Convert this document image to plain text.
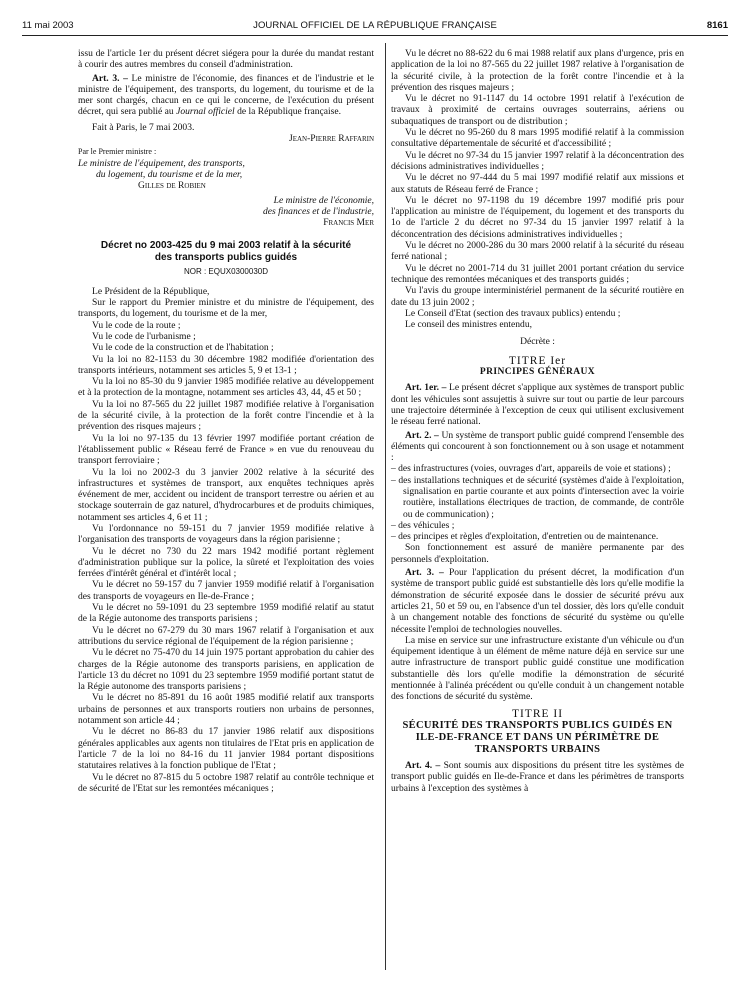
11 mai 2003	JOURNAL OFFICIEL DE LA RÉPUBLIQUE FRANÇAISE	8161

issu de l'article 1er du présent décret siégera pour la durée du mandat restant à courir des autres membres du conseil d'administration.

Art. 3. – Le ministre de l'économie, des finances et de l'industrie et le ministre de l'équipement, des transports, du logement, du tourisme et de la mer sont chargés, chacun en ce qui le concerne, de l'exécution du présent décret, qui sera publié au Journal officiel de la République française.

Fait à Paris, le 7 mai 2003.

Jean-Pierre Raffarin

Par le Premier ministre :

Le ministre de l'équipement, des transports,

du logement, du tourisme et de la mer,

Gilles de Robien

Le ministre de l'économie,

des finances et de l'industrie,

Francis Mer

Décret no 2003-425 du 9 mai 2003 relatif à la sécurité
des transports publics guidés

NOR : EQUX0300030D

Le Président de la République,

Sur le rapport du Premier ministre et du ministre de l'équipement, des transports, du logement, du tourisme et de la mer,

Vu le code de la route ;

Vu le code de l'urbanisme ;

Vu le code de la construction et de l'habitation ;

Vu la loi no 82-1153 du 30 décembre 1982 modifiée d'orientation des transports intérieurs, notamment ses articles 5, 9 et 13-1 ;

Vu la loi no 85-30 du 9 janvier 1985 modifiée relative au développement et à la protection de la montagne, notamment ses articles 43, 44, 45 et 50 ;

Vu la loi no 87-565 du 22 juillet 1987 modifiée relative à l'organisation de la sécurité civile, à la protection de la forêt contre l'incendie et à la prévention des risques majeurs ;

Vu la loi no 97-135 du 13 février 1997 modifiée portant création de l'établissement public « Réseau ferré de France » en vue du renouveau du transport ferroviaire ;

Vu la loi no 2002-3 du 3 janvier 2002 relative à la sécurité des infrastructures et systèmes de transport, aux enquêtes techniques après événement de mer, accident ou incident de transport terrestre ou aérien et au stockage souterrain de gaz naturel, d'hydrocarbures et de produits chimiques, notamment ses articles 4, 6 et 11 ;

Vu l'ordonnance no 59-151 du 7 janvier 1959 modifiée relative à l'organisation des transports de voyageurs dans la région parisienne ;

Vu le décret no 730 du 22 mars 1942 modifié portant règlement d'administration publique sur la police, la sûreté et l'exploitation des voies ferrées d'intérêt général et d'intérêt local ;

Vu le décret no 59-157 du 7 janvier 1959 modifié relatif à l'organisation des transports de voyageurs en Ile-de-France ;

Vu le décret no 59-1091 du 23 septembre 1959 modifié relatif au statut de la Régie autonome des transports parisiens ;

Vu le décret no 67-279 du 30 mars 1967 relatif à l'organisation et aux attributions du service régional de l'équipement de la région parisienne ;

Vu le décret no 75-470 du 14 juin 1975 portant approbation du cahier des charges de la Régie autonome des transports parisiens, en application de l'article 13 du décret no 1091 du 23 septembre 1959 modifié portant statut de la Régie autonome des transports parisiens ;

Vu le décret no 85-891 du 16 août 1985 modifié relatif aux transports urbains de personnes et aux transports routiers non urbains de personnes, notamment son article 44 ;

Vu le décret no 86-83 du 17 janvier 1986 relatif aux dispositions générales applicables aux agents non titulaires de l'Etat pris en application de l'article 7 de la loi no 84-16 du 11 janvier 1984 portant dispositions statutaires relatives à la fonction publique de l'Etat ;

Vu le décret no 87-815 du 5 octobre 1987 relatif au contrôle technique et de sécurité de l'Etat sur les remontées mécaniques ;

Vu le décret no 88-622 du 6 mai 1988 relatif aux plans d'urgence, pris en application de la loi no 87-565 du 22 juillet 1987 relative à l'organisation de la sécurité civile, à la protection de la forêt contre l'incendie et à la prévention des risques majeurs ;

Vu le décret no 91-1147 du 14 octobre 1991 relatif à l'exécution de travaux à proximité de certains ouvrages souterrains, aériens ou subaquatiques de transport ou de distribution ;

Vu le décret no 95-260 du 8 mars 1995 modifié relatif à la commission consultative départementale de sécurité et d'accessibilité ;

Vu le décret no 97-34 du 15 janvier 1997 relatif à la déconcentration des décisions administratives individuelles ;

Vu le décret no 97-444 du 5 mai 1997 modifié relatif aux missions et aux statuts de Réseau ferré de France ;

Vu le décret no 97-1198 du 19 décembre 1997 modifié pris pour l'application au ministre de l'équipement, du logement et des transports du 1o de l'article 2 du décret no 97-34 du 15 janvier 1997 relatif à la déconcentration des décisions administratives individuelles ;

Vu le décret no 2000-286 du 30 mars 2000 relatif à la sécurité du réseau ferré national ;

Vu le décret no 2001-714 du 31 juillet 2001 portant création du service technique des remontées mécaniques et des transports guidés ;

Vu l'avis du groupe interministériel permanent de la sécurité routière en date du 13 juin 2002 ;

Le Conseil d'Etat (section des travaux publics) entendu ;

Le conseil des ministres entendu,

Décrète :

TITRE Ier

PRINCIPES GÉNÉRAUX

Art. 1er. – Le présent décret s'applique aux systèmes de transport public dont les véhicules sont assujettis à suivre sur tout ou partie de leur parcours une trajectoire déterminée à l'exception de ceux qui utilisent exclusivement le réseau ferré national.

Art. 2. – Un système de transport public guidé comprend l'ensemble des éléments qui concourent à son fonctionnement ou à son usage et notamment :

– des infrastructures (voies, ouvrages d'art, appareils de voie et stations) ;
– des installations techniques et de sécurité (systèmes d'aide à l'exploitation, signalisation en partie courante et aux points d'intersection avec la voirie routière, installations électriques de traction, de commande, de contrôle ou de communication) ;
– des véhicules ;
– des principes et règles d'exploitation, d'entretien ou de maintenance.

Son fonctionnement est assuré de manière permanente par des personnels d'exploitation.

Art. 3. – Pour l'application du présent décret, la modification d'un système de transport public guidé est substantielle dès lors qu'elle modifie la démonstration de sécurité exposée dans le dossier de sécurité prévu aux articles 21, 50 et 59 ou, en l'absence d'un tel dossier, dès lors qu'elle conduit à un changement notable des fonctions de sécurité du système ou qu'elle nécessite l'emploi de technologies nouvelles.

La mise en service sur une infrastructure existante d'un véhicule ou d'un équipement identique à un élément de même nature déjà en service sur une autre infrastructure de transport public guidé constitue une modification substantielle dès lors qu'elle modifie la démonstration de sécurité mentionnée à l'alinéa précédent ou qu'elle conduit à un changement notable des fonctions de sécurité du système.

TITRE II

SÉCURITÉ DES TRANSPORTS PUBLICS GUIDÉS EN ILE-DE-FRANCE ET DANS UN PÉRIMÈTRE DE TRANSPORTS URBAINS

Art. 4. – Sont soumis aux dispositions du présent titre les systèmes de transport public guidés en Ile-de-France et dans les périmètres de transports urbains à l'exception des systèmes à
